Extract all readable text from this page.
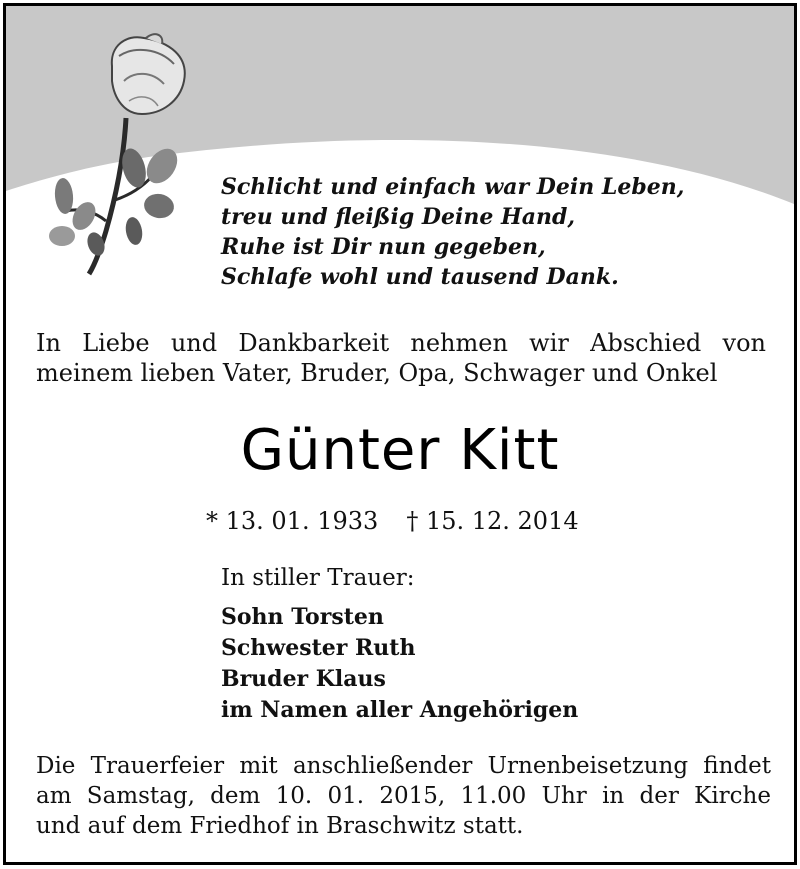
Schlicht und einfach war Dein Leben,
treu und fleißig Deine Hand,
Ruhe ist Dir nun gegeben,
Schlafe wohl und tausend Dank.
In Liebe und Dankbarkeit nehmen wir Abschied von
meinem lieben Vater, Bruder, Opa, Schwager und Onkel
Günter Kitt
* 13. 01. 1933 † 15. 12. 2014
In stiller Trauer:
Sohn Torsten
Schwester Ruth
Bruder Klaus
im Namen aller Angehörigen
Die Trauerfeier mit anschließender Urnenbeisetzung findet
am Samstag, dem 10. 01. 2015, 11.00 Uhr in der Kirche
und auf dem Friedhof in Braschwitz statt.
